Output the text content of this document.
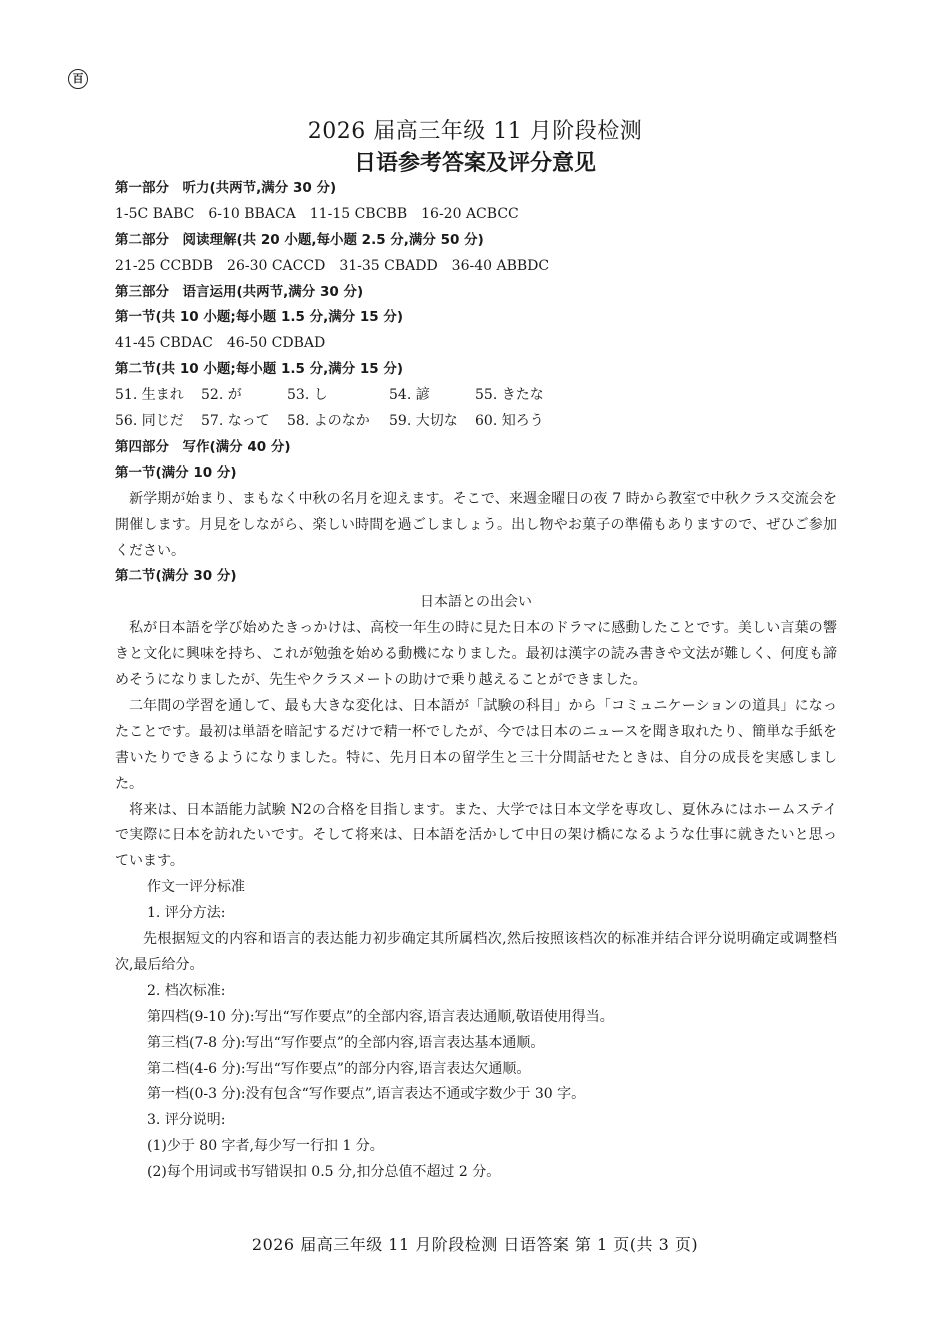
百
2026 届高三年级 11 月阶段检测
日语参考答案及评分意见
第一部分　听力(共两节,满分 30 分)
1-5C BABC　6-10 BBACA　11-15 CBCBB　16-20 ACBCC
第二部分　阅读理解(共 20 小题,每小题 2.5 分,满分 50 分)
21-25 CCBDB　26-30 CACCD　31-35 CBADD　36-40 ABBDC
第三部分　语言运用(共两节,满分 30 分)
第一节(共 10 小题;每小题 1.5 分,满分 15 分)
41-45 CBDAC　46-50 CDBAD
第二节(共 10 小题;每小题 1.5 分,满分 15 分)
51. 生まれ	52. が	53. し	54. 諺	55. きたな
56. 同じだ	57. なって	58. よのなか	59. 大切な	60. 知ろう
第四部分　写作(满分 40 分)
第一节(满分 10 分)
新学期が始まり、まもなく中秋の名月を迎えます。そこで、来週金曜日の夜 7 時から教室で中秋クラス交流会を開催します。月見をしながら、楽しい時間を過ごしましょう。出し物やお菓子の準備もありますので、ぜひご参加ください。
第二节(满分 30 分)
日本語との出会い
私が日本語を学び始めたきっかけは、高校一年生の時に見た日本のドラマに感動したことです。美しい言葉の響きと文化に興味を持ち、これが勉強を始める動機になりました。最初は漢字の読み書きや文法が難しく、何度も諦めそうになりましたが、先生やクラスメートの助けで乗り越えることができました。
二年間の学習を通して、最も大きな変化は、日本語が「試験の科目」から「コミュニケーションの道具」になったことです。最初は単語を暗記するだけで精一杯でしたが、今では日本のニュースを聞き取れたり、簡単な手紙を書いたりできるようになりました。特に、先月日本の留学生と三十分間話せたときは、自分の成長を実感しました。
将来は、日本語能力試験 N2の合格を目指します。また、大学では日本文学を専攻し、夏休みにはホームステイで実際に日本を訪れたいです。そして将来は、日本語を活かして中日の架け橋になるような仕事に就きたいと思っています。
作文一评分标准
1. 评分方法:
先根据短文的内容和语言的表达能力初步确定其所属档次,然后按照该档次的标准并结合评分说明确定或调整档次,最后给分。
2. 档次标准:
第四档(9-10 分):写出“写作要点”的全部内容,语言表达通顺,敬语使用得当。
第三档(7-8 分):写出“写作要点”的全部内容,语言表达基本通顺。
第二档(4-6 分):写出“写作要点”的部分内容,语言表达欠通顺。
第一档(0-3 分):没有包含“写作要点”,语言表达不通或字数少于 30 字。
3. 评分说明:
(1)少于 80 字者,每少写一行扣 1 分。
(2)每个用词或书写错误扣 0.5 分,扣分总值不超过 2 分。
2026 届高三年级 11 月阶段检测 日语答案 第 1 页(共 3 页)
